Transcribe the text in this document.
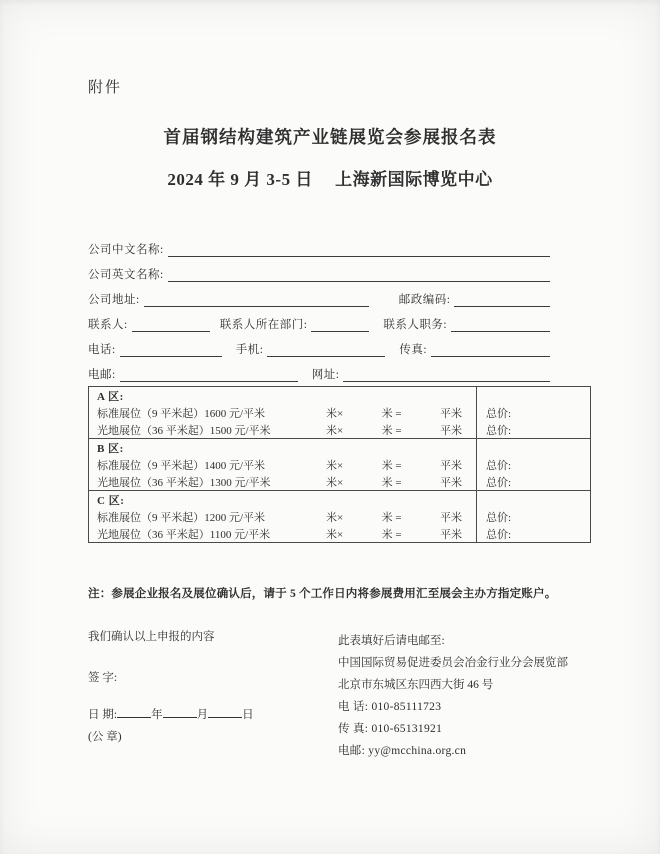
附件
首届钢结构建筑产业链展览会参展报名表
2024 年 9 月 3-5 日　 上海新国际博览中心
公司中文名称:
公司英文名称:
公司地址:	邮政编码:
联系人:	联系人所在部门:	联系人职务:
电话:	手机:	传真:
电邮:	网址:
A 区:
标准展位（9 平米起）1600 元/平米	米×	米 =	平米 总价:
光地展位（36 平米起）1500 元/平米	米×	米 =	平米 总价:
B 区:
标准展位（9 平米起）1400 元/平米	米×	米 =	平米 总价:
光地展位（36 平米起）1300 元/平米	米×	米 =	平米 总价:
C 区:
标准展位（9 平米起）1200 元/平米	米×	米 =	平米 总价:
光地展位（36 平米起）1100 元/平米	米×	米 =	平米 总价:
注：参展企业报名及展位确认后，请于 5 个工作日内将参展费用汇至展会主办方指定账户。
我们确认以上申报的内容
签 字:
日 期:	年	月	日
(公 章)
此表填好后请电邮至:
中国国际贸易促进委员会冶金行业分会展览部
北京市东城区东四西大街 46 号
电 话: 010-85111723
传 真: 010-65131921
电邮: yy@mcchina.org.cn
